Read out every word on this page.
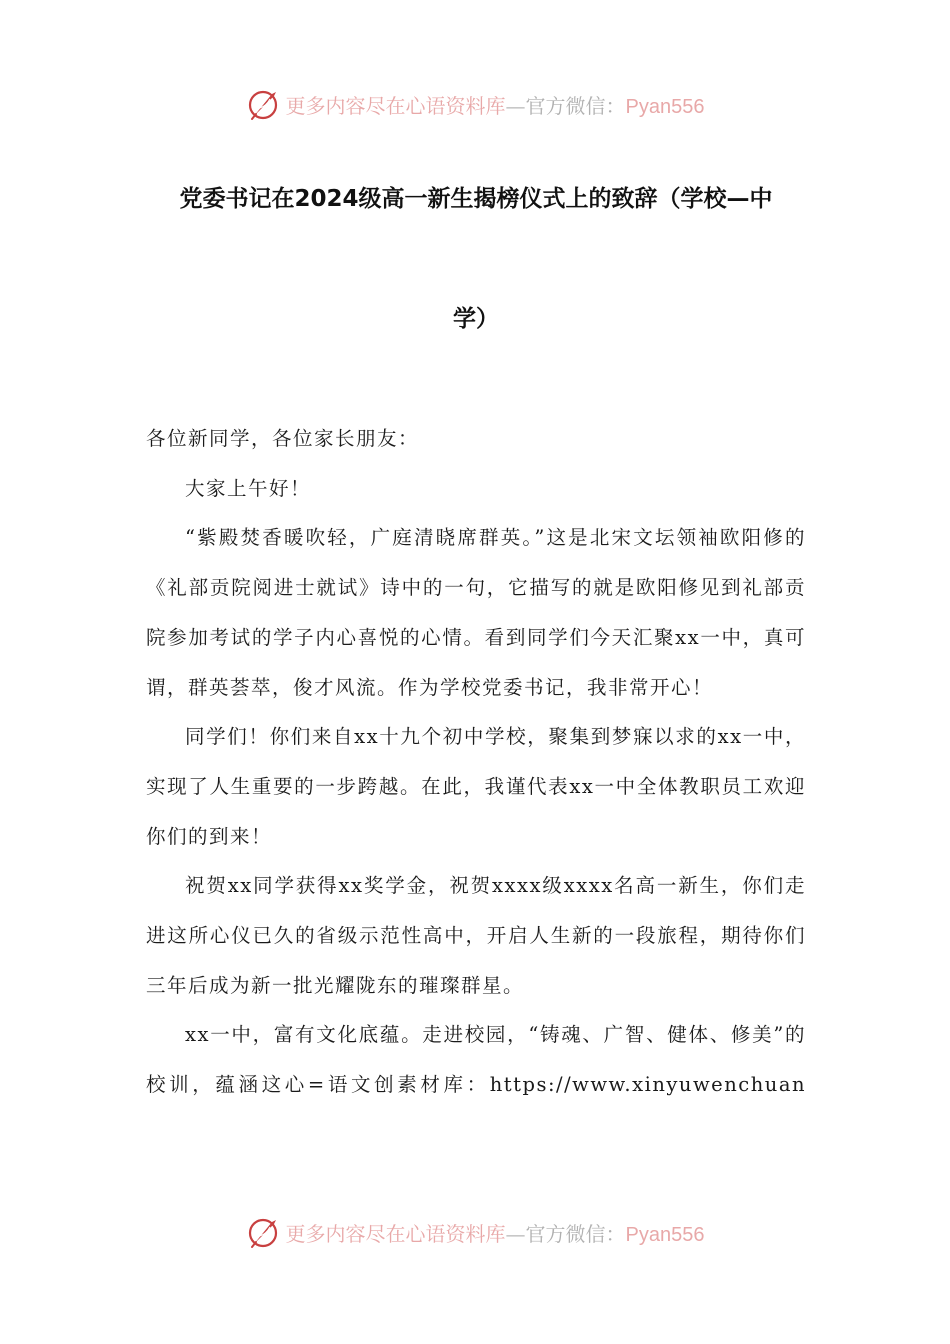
更多内容尽在心语资料库—官方微信：Pyan556
党委书记在2024级高一新生揭榜仪式上的致辞（学校—中
学）

各位新同学，各位家长朋友：

大家上午好！

“紫殿焚香暖吹轻，广庭清晓席群英。”这是北宋文坛领袖欧阳修的《礼部贡院阅进士就试》诗中的一句，它描写的就是欧阳修见到礼部贡院参加考试的学子内心喜悦的心情。看到同学们今天汇聚xx一中，真可谓，群英荟萃，俊才风流。作为学校党委书记，我非常开心！

同学们！你们来自xx十九个初中学校，聚集到梦寐以求的xx一中，实现了人生重要的一步跨越。在此，我谨代表xx一中全体教职员工欢迎你们的到来！

祝贺xx同学获得xx奖学金，祝贺xxxx级xxxx名高一新生，你们走进这所心仪已久的省级示范性高中，开启人生新的一段旅程，期待你们三年后成为新一批光耀陇东的璀璨群星。

xx一中，富有文化底蕴。走进校园，“铸魂、广智、健体、修美”的校训，蕴涵这心=语文创素材库：https://www.xinyuwenchuan

更多内容尽在心语资料库—官方微信：Pyan556
